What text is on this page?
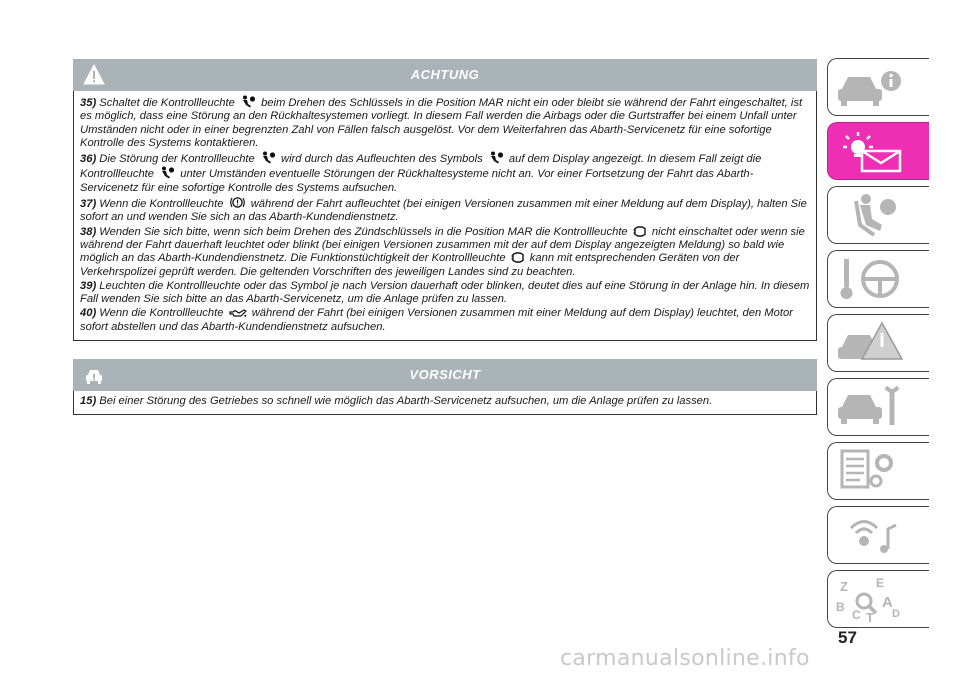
ACHTUNG

35) Schaltet die Kontrollleuchte beim Drehen des Schlüssels in die Position MAR nicht ein oder bleibt sie während der Fahrt eingeschaltet, ist es möglich, dass eine Störung an den Rückhaltesystemen vorliegt. In diesem Fall werden die Airbags oder die Gurtstraffer bei einem Unfall unter Umständen nicht oder in einer begrenzten Zahl von Fällen falsch ausgelöst. Vor dem Weiterfahren das Abarth-Servicenetz für eine sofortige Kontrolle des Systems kontaktieren.

36) Die Störung der Kontrollleuchte wird durch das Aufleuchten des Symbols auf dem Display angezeigt. In diesem Fall zeigt die Kontrollleuchte unter Umständen eventuelle Störungen der Rückhaltesysteme nicht an. Vor einer Fortsetzung der Fahrt das Abarth-Servicenetz für eine sofortige Kontrolle des Systems aufsuchen.

37) Wenn die Kontrollleuchte während der Fahrt aufleuchtet (bei einigen Versionen zusammen mit einer Meldung auf dem Display), halten Sie sofort an und wenden Sie sich an das Abarth-Kundendienstnetz.

38) Wenden Sie sich bitte, wenn sich beim Drehen des Zündschlüssels in die Position MAR die Kontrollleuchte nicht einschaltet oder wenn sie während der Fahrt dauerhaft leuchtet oder blinkt (bei einigen Versionen zusammen mit der auf dem Display angezeigten Meldung) so bald wie möglich an das Abarth-Kundendienstnetz. Die Funktionstüchtigkeit der Kontrollleuchte kann mit entsprechenden Geräten von der Verkehrspolizei geprüft werden. Die geltenden Vorschriften des jeweiligen Landes sind zu beachten.

39) Leuchten die Kontrollleuchte oder das Symbol je nach Version dauerhaft oder blinken, deutet dies auf eine Störung in der Anlage hin. In diesem Fall wenden Sie sich bitte an das Abarth-Servicenetz, um die Anlage prüfen zu lassen.

40) Wenn die Kontrollleuchte	während der Fahrt (bei einigen Versionen zusammen mit einer Meldung auf dem Display) leuchtet, den Motor sofort abstellen und das Abarth-Kundendienstnetz aufsuchen.

VORSICHT

15) Bei einer Störung des Getriebes so schnell wie möglich das Abarth-Servicenetz aufsuchen, um die Anlage prüfen zu lassen.

Z E
B A
C T D
57
carmanualsonline.info
